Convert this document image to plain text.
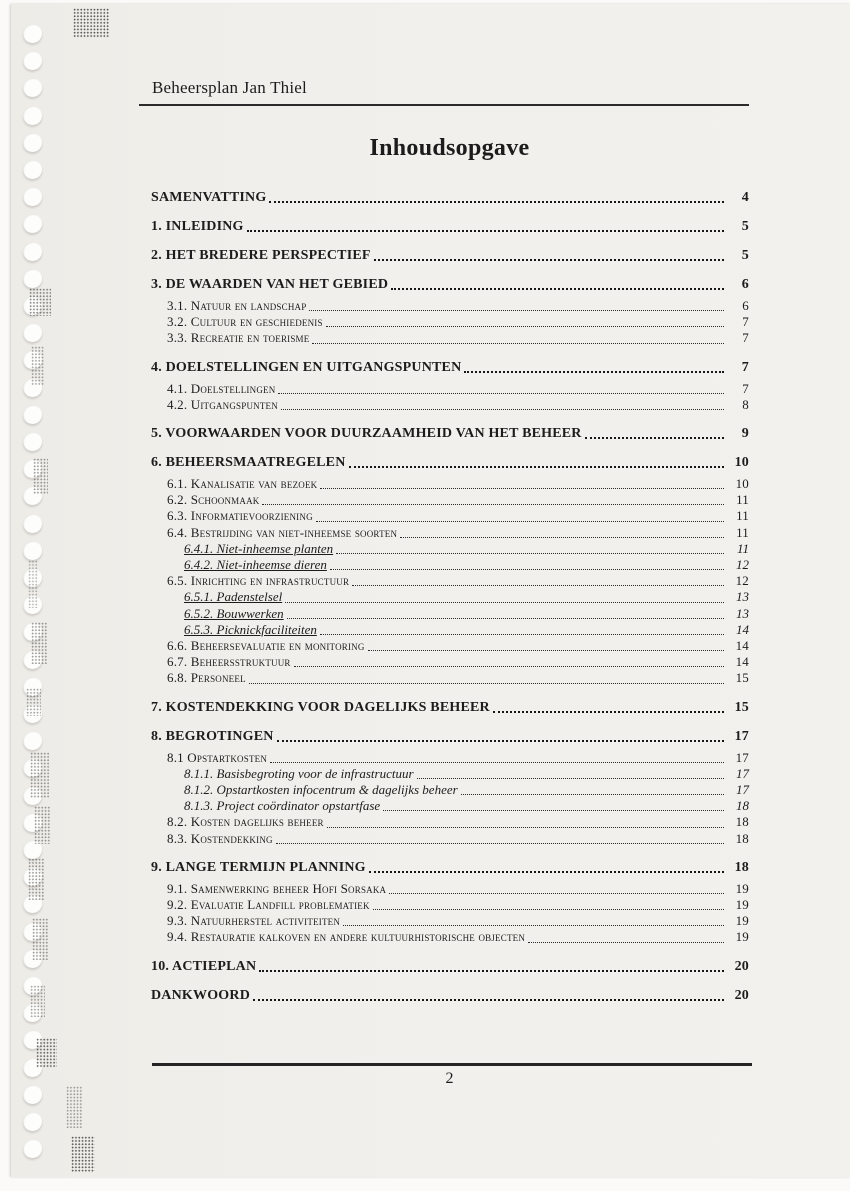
Beheersplan Jan Thiel
Inhoudsopgave
SAMENVATTING	4
1. INLEIDING	5
2. HET BREDERE PERSPECTIEF	5
3. DE WAARDEN VAN HET GEBIED	6
3.1. Natuur en landschap	6
3.2. Cultuur en geschiedenis	7
3.3. Recreatie en toerisme	7
4. DOELSTELLINGEN EN UITGANGSPUNTEN	7
4.1. Doelstellingen	7
4.2. Uitgangspunten	8
5. VOORWAARDEN VOOR DUURZAAMHEID VAN HET BEHEER	9
6. BEHEERSMAATREGELEN	10
6.1. Kanalisatie van bezoek	10
6.2. Schoonmaak	11
6.3. Informatievoorziening	11
6.4. Bestrijding van niet-inheemse soorten	11
6.4.1. Niet-inheemse planten	11
6.4.2. Niet-inheemse dieren	12
6.5. Inrichting en infrastructuur	12
6.5.1. Padenstelsel	13
6.5.2. Bouwwerken	13
6.5.3. Picknickfaciliteiten	14
6.6. Beheersevaluatie en monitoring	14
6.7. Beheersstruktuur	14
6.8. Personeel	15
7. KOSTENDEKKING VOOR DAGELIJKS BEHEER	15
8. BEGROTINGEN	17
8.1 Opstartkosten	17
8.1.1. Basisbegroting voor de infrastructuur	17
8.1.2. Opstartkosten infocentrum & dagelijks beheer	17
8.1.3. Project coördinator opstartfase	18
8.2. Kosten dagelijks beheer	18
8.3. Kostendekking	18
9. LANGE TERMIJN PLANNING	18
9.1. Samenwerking beheer Hofi Sorsaka	19
9.2. Evaluatie Landfill problematiek	19
9.3. Natuurherstel activiteiten	19
9.4. Restauratie kalkoven en andere kultuurhistorische objecten	19
10. ACTIEPLAN	20
DANKWOORD	20
2
